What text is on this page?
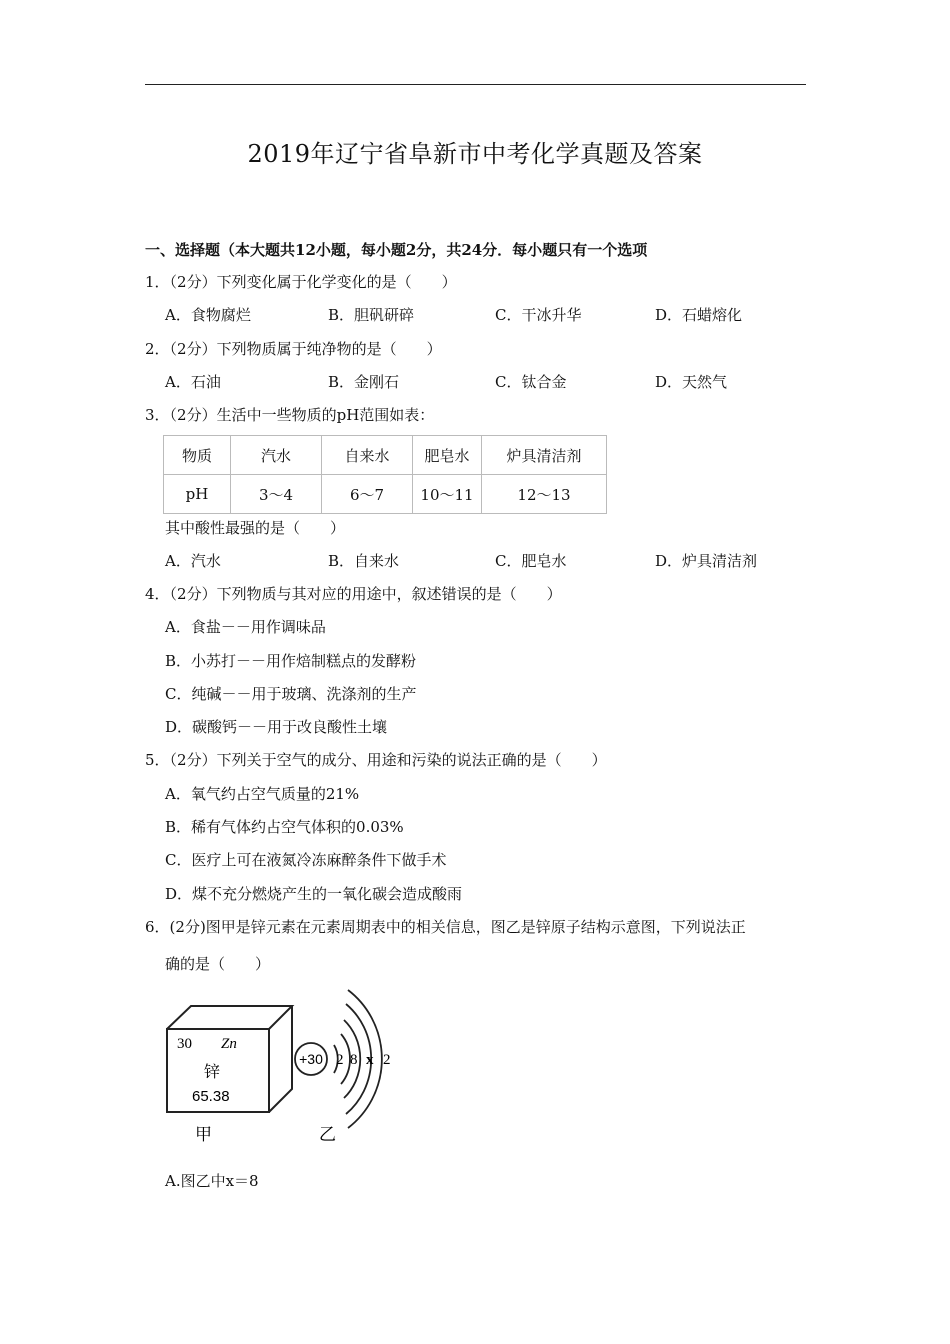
2019年辽宁省阜新市中考化学真题及答案
一、选择题（本大题共12小题，每小题2分，共24分．每小题只有一个选项
1．（2分）下列变化属于化学变化的是（　　）
A．食物腐烂	B．胆矾研碎	C．干冰升华	D．石蜡熔化
2．（2分）下列物质属于纯净物的是（　　）
A．石油	B．金刚石	C．钛合金	D．天然气
3．（2分）生活中一些物质的pH范围如表：
物质	汽水	自来水	肥皂水	炉具清洁剂
pH	3～4	6～7	10～11	12～13
其中酸性最强的是（　　）
A．汽水	B．自来水	C．肥皂水	D．炉具清洁剂
4．（2分）下列物质与其对应的用途中，叙述错误的是（　　）
A．食盐－－用作调味品
B．小苏打－－用作焙制糕点的发酵粉
C．纯碱－－用于玻璃、洗涤剂的生产
D．碳酸钙－－用于改良酸性土壤
5．（2分）下列关于空气的成分、用途和污染的说法正确的是（　　）
A．氧气约占空气质量的21%
B．稀有气体约占空气体积的0.03%
C．医疗上可在液氮冷冻麻醉条件下做手术
D．煤不充分燃烧产生的一氧化碳会造成酸雨
6．(2分)图甲是锌元素在元素周期表中的相关信息，图乙是锌原子结构示意图，下列说法正
确的是（　　）
30 Zn
锌
65.38
甲
+30 2 8 x 2
乙
A.图乙中x＝8
